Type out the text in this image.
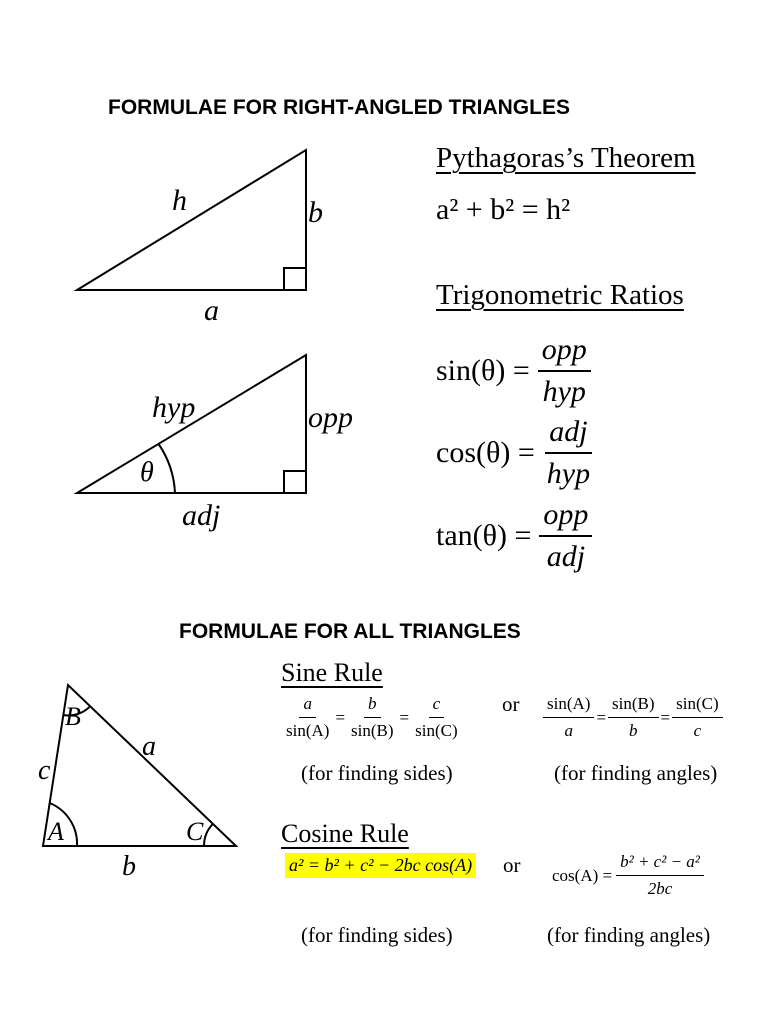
FORMULAE FOR RIGHT-ANGLED TRIANGLES
h	b
a
hyp	opp
θ
adj
Pythagoras’s Theorem
a² + b² = h²
Trigonometric Ratios
$\sin(\theta) = \frac{\text{opp}}{\text{hyp}}$
$\cos(\theta) = \frac{\text{adj}}{\text{hyp}}$
$\tan(\theta) = \frac{\text{opp}}{\text{adj}}$
FORMULAE FOR ALL TRIANGLES
B
a
c
A	C
b
Sine Rule
$\frac{a}{\sin(A)} = \frac{b}{\sin(B)} = \frac{c}{\sin(C)}$ or $\frac{\sin(A)}{a} = \frac{\sin(B)}{b} = \frac{\sin(C)}{c}$
(for finding sides)	(for finding angles)
Cosine Rule
a² = b² + c² − 2bc cos(A) or $\cos(A) = \frac{\text{b² + c² − a²}}{2bc}$
(for finding sides)	(for finding angles)
